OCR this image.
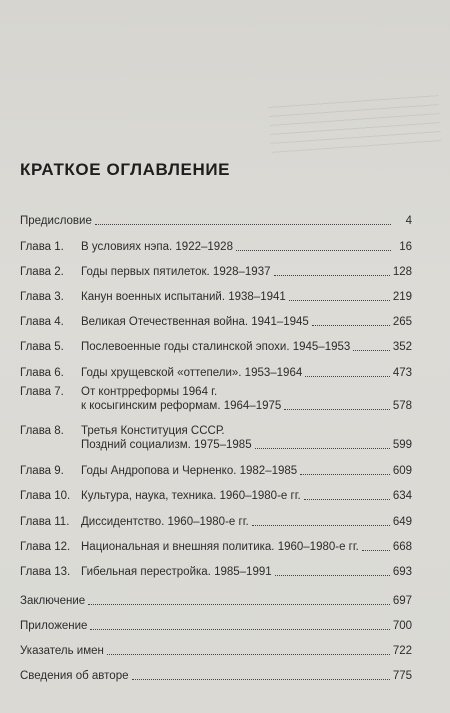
КРАТКОЕ ОГЛАВЛЕНИЕ
Предисловие	4
Глава 1.	В условиях нэпа. 1922–1928	16
Глава 2.	Годы первых пятилеток. 1928–1937	128
Глава 3.	Канун военных испытаний. 1938–1941	219
Глава 4.	Великая Отечественная война. 1941–1945	265
Глава 5.	Послевоенные годы сталинской эпохи. 1945–1953	352
Глава 6.	Годы хрущевской «оттепели». 1953–1964	473
Глава 7.	От контрреформы 1964 г.
к косыгинским реформам. 1964–1975	578
Глава 8.	Третья Конституция СССР.
Поздний социализм. 1975–1985	599
Глава 9.	Годы Андропова и Черненко. 1982–1985	609
Глава 10. Культура, наука, техника. 1960–1980-е гг.	634
Глава 11.	Диссидентство. 1960–1980-е гг.	649
Глава 12. Национальная и внешняя политика. 1960–1980-е гг.	668
Глава 13. Гибельная перестройка. 1985–1991	693
Заключение	697
Приложение	700
Указатель имен	722
Сведения об авторе	775
